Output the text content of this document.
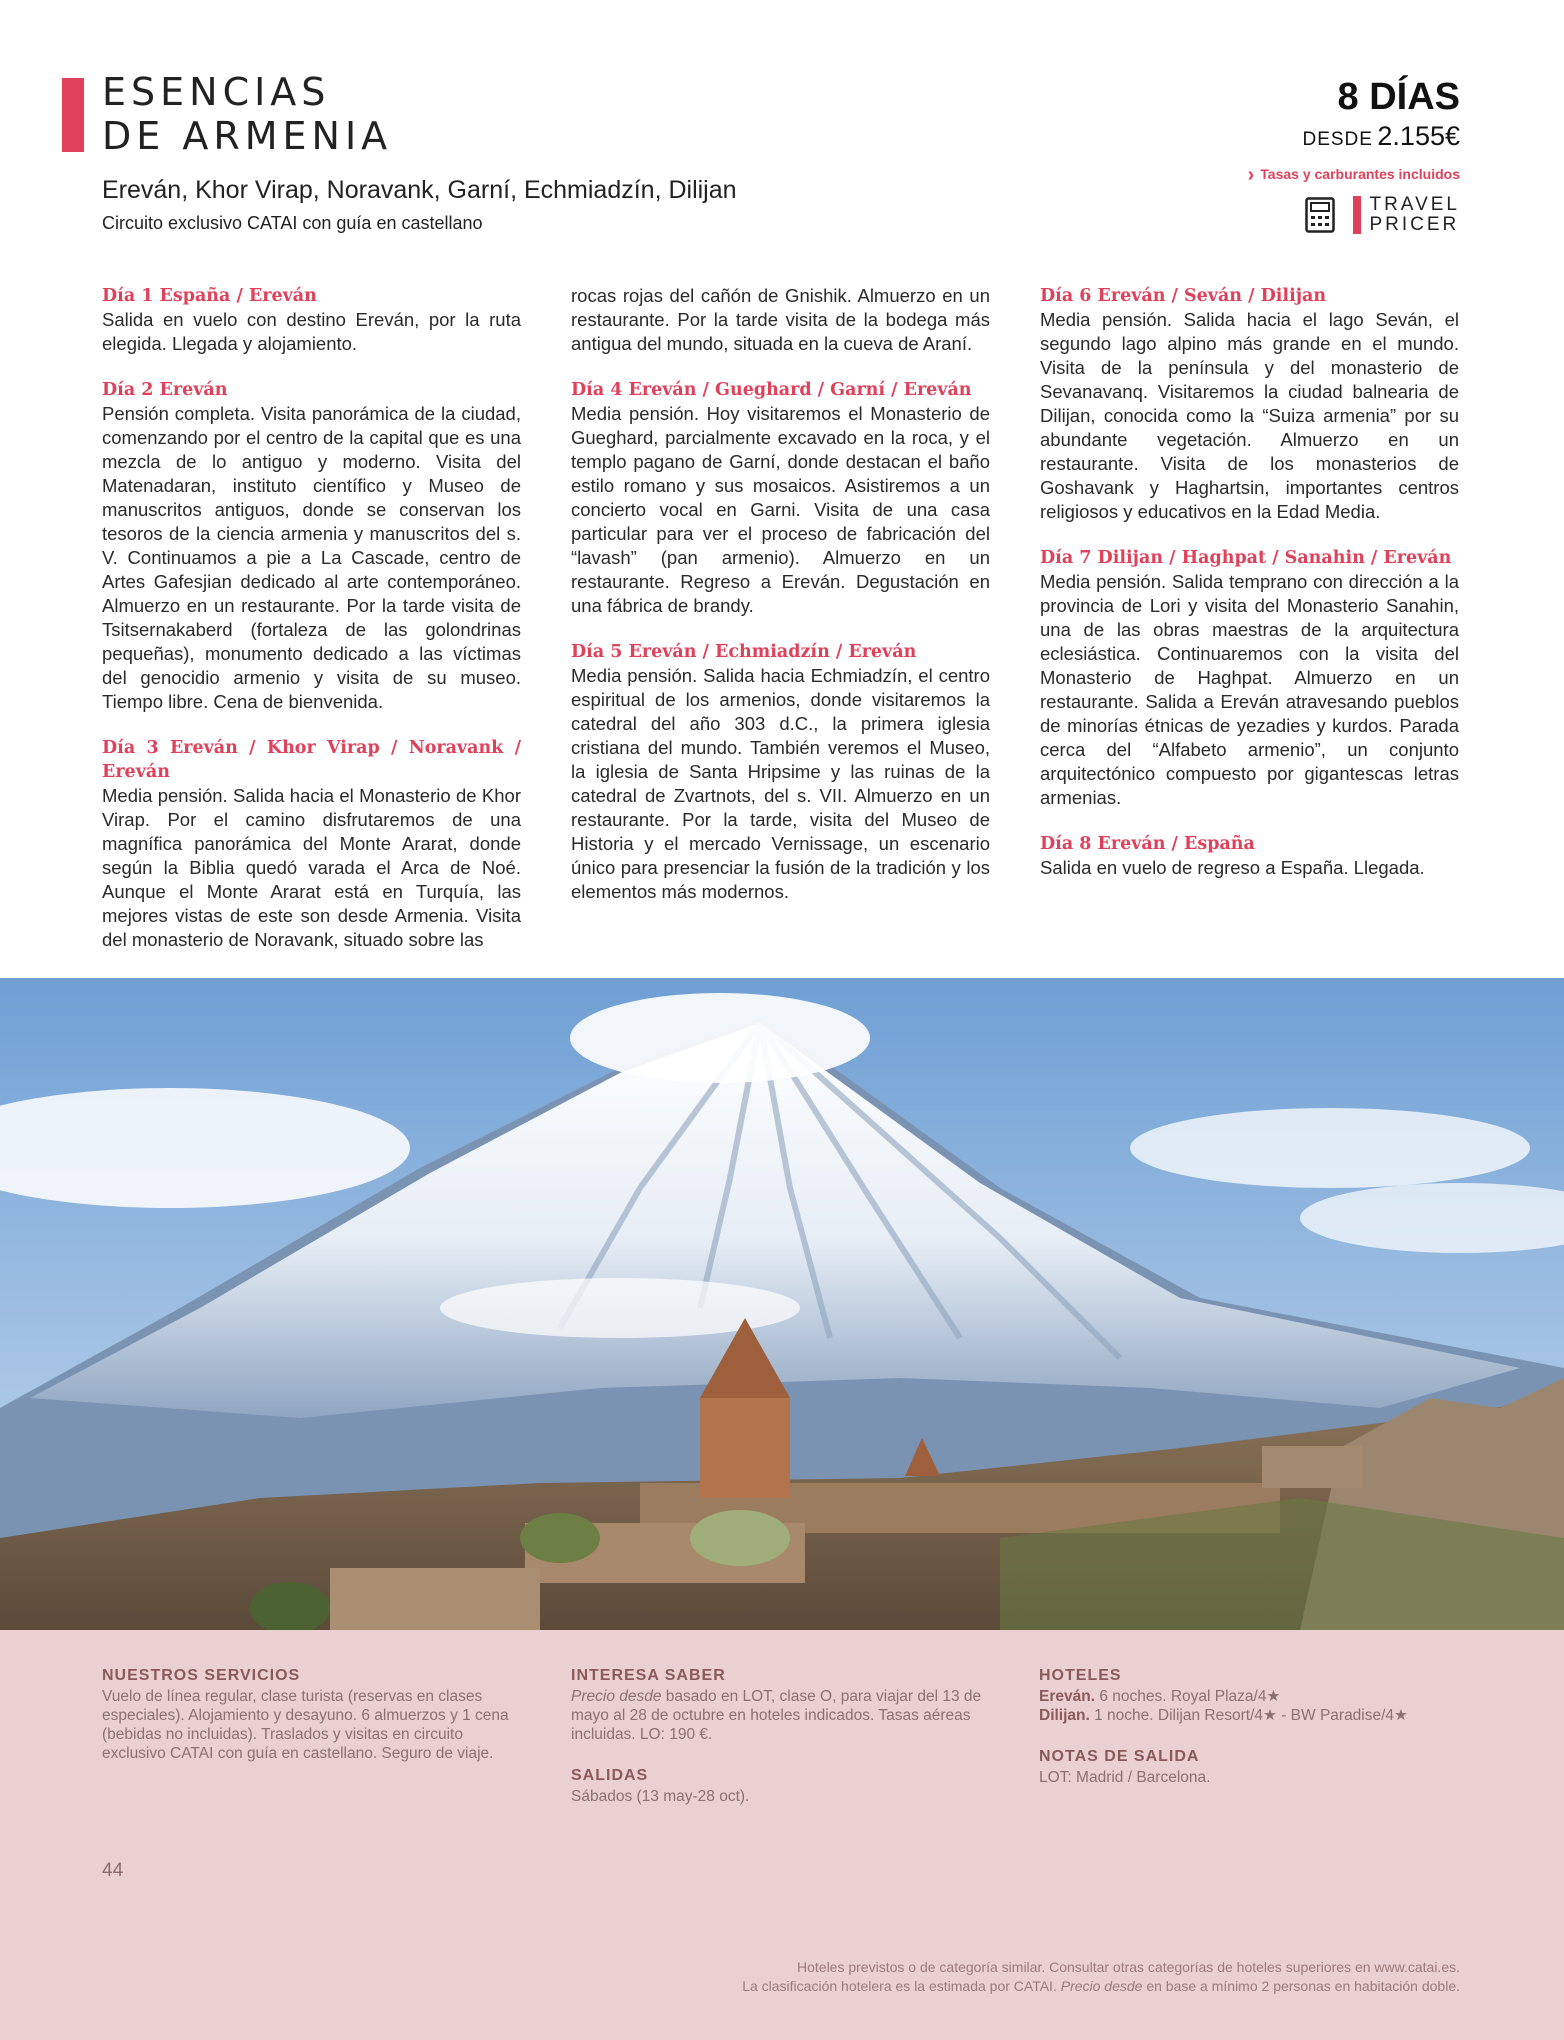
ESENCIAS
DE ARMENIA
Ereván, Khor Virap, Noravank, Garní, Echmiadzín, Dilijan
Circuito exclusivo CATAI con guía en castellano
8 DÍAS
DESDE 2.155€
› Tasas y carburantes incluidos
TRAVEL
PRICER
Día 1 España / Ereván

Salida en vuelo con destino Ereván, por la ruta elegida. Llegada y alojamiento.

Día 2 Ereván

Pensión completa. Visita panorámica de la ciudad, comenzando por el centro de la capital que es una mezcla de lo antiguo y moderno. Visita del Matenadaran, instituto científico y Museo de manuscritos antiguos, donde se conservan los tesoros de la ciencia armenia y manuscritos del s. V. Continuamos a pie a La Cascade, centro de Artes Gafesjian dedicado al arte contemporáneo. Almuerzo en un restaurante. Por la tarde visita de Tsitsernakaberd (fortaleza de las golondrinas pequeñas), monumento dedicado a las víctimas del genocidio armenio y visita de su museo. Tiempo libre. Cena de bienvenida.

Día 3 Ereván / Khor Virap / Noravank / Ereván

Media pensión. Salida hacia el Monasterio de Khor Virap. Por el camino disfrutaremos de una magnífica panorámica del Monte Ararat, donde según la Biblia quedó varada el Arca de Noé. Aunque el Monte Ararat está en Turquía, las mejores vistas de este son desde Armenia. Visita del monasterio de Noravank, situado sobre las

rocas rojas del cañón de Gnishik. Almuerzo en un restaurante. Por la tarde visita de la bodega más antigua del mundo, situada en la cueva de Araní.

Día 4 Ereván / Gueghard / Garní / Ereván

Media pensión. Hoy visitaremos el Monasterio de Gueghard, parcialmente excavado en la roca, y el templo pagano de Garní, donde destacan el baño estilo romano y sus mosaicos. Asistiremos a un concierto vocal en Garni. Visita de una casa particular para ver el proceso de fabricación del “lavash” (pan armenio). Almuerzo en un restaurante. Regreso a Ereván. Degustación en una fábrica de brandy.

Día 5 Ereván / Echmiadzín / Ereván

Media pensión. Salida hacia Echmiadzín, el centro espiritual de los armenios, donde visitaremos la catedral del año 303 d.C., la primera iglesia cristiana del mundo. También veremos el Museo, la iglesia de Santa Hripsime y las ruinas de la catedral de Zvartnots, del s. VII. Almuerzo en un restaurante. Por la tarde, visita del Museo de Historia y el mercado Vernissage, un escenario único para presenciar la fusión de la tradición y los elementos más modernos.

Día 6 Ereván / Seván / Dilijan

Media pensión. Salida hacia el lago Seván, el segundo lago alpino más grande en el mundo. Visita de la península y del monasterio de Sevanavanq. Visitaremos la ciudad balnearia de Dilijan, conocida como la “Suiza armenia” por su abundante vegetación. Almuerzo en un restaurante. Visita de los monasterios de Goshavank y Haghartsin, importantes centros religiosos y educativos en la Edad Media.

Día 7 Dilijan / Haghpat / Sanahin / Ereván

Media pensión. Salida temprano con dirección a la provincia de Lori y visita del Monasterio Sanahin, una de las obras maestras de la arquitectura eclesiástica. Continuaremos con la visita del Monasterio de Haghpat. Almuerzo en un restaurante. Salida a Ereván atravesando pueblos de minorías étnicas de yezadies y kurdos. Parada cerca del “Alfabeto armenio”, un conjunto arquitectónico compuesto por gigantescas letras armenias.

Día 8 Ereván / España

Salida en vuelo de regreso a España. Llegada.

NUESTROS SERVICIOS

Vuelo de línea regular, clase turista (reservas en clases especiales). Alojamiento y desayuno. 6 almuerzos y 1 cena (bebidas no incluidas). Traslados y visitas en circuito exclusivo CATAI con guía en castellano. Seguro de viaje.

INTERESA SABER

Precio desde basado en LOT, clase O, para viajar del 13 de mayo al 28 de octubre en hoteles indicados. Tasas aéreas incluidas. LO: 190 €.

SALIDAS

Sábados (13 may-28 oct).

HOTELES

Ereván. 6 noches. Royal Plaza/4★
Dilijan. 1 noche. Dilijan Resort/4★ - BW Paradise/4★

NOTAS DE SALIDA

LOT: Madrid / Barcelona.

44
Hoteles previstos o de categoría similar. Consultar otras categorías de hoteles superiores en www.catai.es.
La clasificación hotelera es la estimada por CATAI. Precio desde en base a mínimo 2 personas en habitación doble.
